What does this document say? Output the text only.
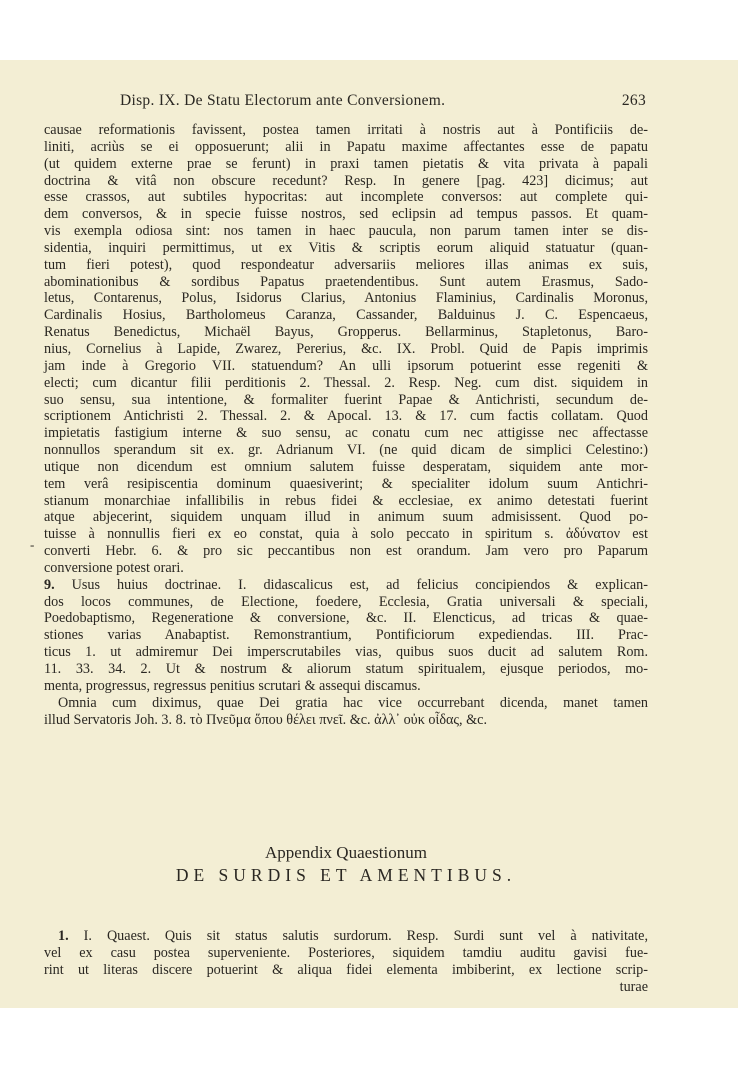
Disp. IX. De Statu Electorum ante Conversionem.	263
-
causae reformationis favissent, postea tamen irritati à nostris aut à Pontificiis de-
liniti, acriùs se ei opposuerunt; alii in Papatu maxime affectantes esse de papatu
(ut quidem externe prae se ferunt) in praxi tamen pietatis & vita privata à papali
doctrina & vitâ non obscure recedunt? Resp. In genere [pag. 423] dicimus; aut
esse crassos, aut subtiles hypocritas: aut incomplete conversos: aut complete qui-
dem conversos, & in specie fuisse nostros, sed eclipsin ad tempus passos. Et quam-
vis exempla odiosa sint: nos tamen in haec paucula, non parum tamen inter se dis-
sidentia, inquiri permittimus, ut ex Vitis & scriptis eorum aliquid statuatur (quan-
tum fieri potest), quod respondeatur adversariis meliores illas animas ex suis,
abominationibus & sordibus Papatus praetendentibus. Sunt autem Erasmus, Sado-
letus, Contarenus, Polus, Isidorus Clarius, Antonius Flaminius, Cardinalis Moronus,
Cardinalis Hosius, Bartholomeus Caranza, Cassander, Balduinus J. C. Espencaeus,
Renatus Benedictus, Michaël Bayus, Gropperus. Bellarminus, Stapletonus, Baro-
nius, Cornelius à Lapide, Zwarez, Pererius, &c. IX. Probl. Quid de Papis imprimis
jam inde à Gregorio VII. statuendum? An ulli ipsorum potuerint esse regeniti &
electi; cum dicantur filii perditionis 2. Thessal. 2. Resp. Neg. cum dist. siquidem in
suo sensu, sua intentione, & formaliter fuerint Papae & Antichristi, secundum de-
scriptionem Antichristi 2. Thessal. 2. & Apocal. 13. & 17. cum factis collatam. Quod
impietatis fastigium interne & suo sensu, ac conatu cum nec attigisse nec affectasse
nonnullos sperandum sit ex. gr. Adrianum VI. (ne quid dicam de simplici Celestino:)
utique non dicendum est omnium salutem fuisse desperatam, siquidem ante mor-
tem verâ resipiscentia dominum quaesiverint; & specialiter idolum suum Antichri-
stianum monarchiae infallibilis in rebus fidei & ecclesiae, ex animo detestati fuerint
atque abjecerint, siquidem unquam illud in animum suum admisissent. Quod po-
tuisse à nonnullis fieri ex eo constat, quia à solo peccato in spiritum s. ἀδύνατον est
converti Hebr. 6. & pro sic peccantibus non est orandum. Jam vero pro Paparum
conversione potest orari.
9. Usus huius doctrinae. I. didascalicus est, ad felicius concipiendos & explican-
dos locos communes, de Electione, foedere, Ecclesia, Gratia universali & speciali,
Poedobaptismo, Regeneratione & conversione, &c. II. Elencticus, ad tricas & quae-
stiones varias Anabaptist. Remonstrantium, Pontificiorum expediendas. III. Prac-
ticus 1. ut admiremur Dei imperscrutabiles vias, quibus suos ducit ad salutem Rom.
11. 33. 34. 2. Ut & nostrum & aliorum statum spiritualem, ejusque periodos, mo-
menta, progressus, regressus penitius scrutari & assequi discamus.
Omnia cum diximus, quae Dei gratia hac vice occurrebant dicenda, manet tamen
illud Servatoris Joh. 3. 8. τὸ Πνεῦμα ὅπου θέλει πνεῖ. &c. ἀλλ᾽ οὐκ οἶδας, &c.
Appendix Quaestionum
DE SURDIS ET AMENTIBUS.
1. I. Quaest. Quis sit status salutis surdorum. Resp. Surdi sunt vel à nativitate,
vel ex casu postea superveniente. Posteriores, siquidem tamdiu auditu gavisi fue-
rint ut literas discere potuerint & aliqua fidei elementa imbiberint, ex lectione scrip-
turae
